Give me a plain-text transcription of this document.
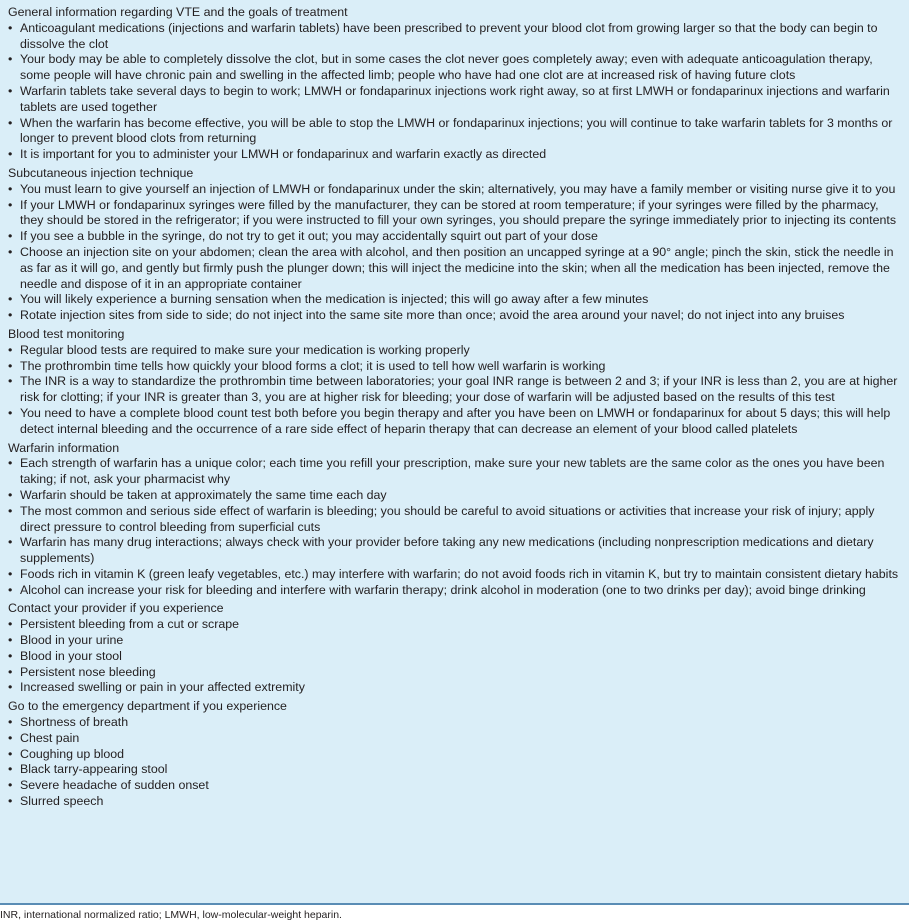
General information regarding VTE and the goals of treatment
• Anticoagulant medications (injections and warfarin tablets) have been prescribed to prevent your blood clot from growing larger so that the body can begin to dissolve the clot
• Your body may be able to completely dissolve the clot, but in some cases the clot never goes completely away; even with adequate anticoagulation therapy, some people will have chronic pain and swelling in the affected limb; people who have had one clot are at increased risk of having future clots
• Warfarin tablets take several days to begin to work; LMWH or fondaparinux injections work right away, so at first LMWH or fondaparinux injections and warfarin tablets are used together
• When the warfarin has become effective, you will be able to stop the LMWH or fondaparinux injections; you will continue to take warfarin tablets for 3 months or longer to prevent blood clots from returning
• It is important for you to administer your LMWH or fondaparinux and warfarin exactly as directed
Subcutaneous injection technique
• You must learn to give yourself an injection of LMWH or fondaparinux under the skin; alternatively, you may have a family member or visiting nurse give it to you
• If your LMWH or fondaparinux syringes were filled by the manufacturer, they can be stored at room temperature; if your syringes were filled by the pharmacy, they should be stored in the refrigerator; if you were instructed to fill your own syringes, you should prepare the syringe immediately prior to injecting its contents
• If you see a bubble in the syringe, do not try to get it out; you may accidentally squirt out part of your dose
• Choose an injection site on your abdomen; clean the area with alcohol, and then position an uncapped syringe at a 90° angle; pinch the skin, stick the needle in as far as it will go, and gently but firmly push the plunger down; this will inject the medicine into the skin; when all the medication has been injected, remove the needle and dispose of it in an appropriate container
• You will likely experience a burning sensation when the medication is injected; this will go away after a few minutes
• Rotate injection sites from side to side; do not inject into the same site more than once; avoid the area around your navel; do not inject into any bruises
Blood test monitoring
• Regular blood tests are required to make sure your medication is working properly
• The prothrombin time tells how quickly your blood forms a clot; it is used to tell how well warfarin is working
• The INR is a way to standardize the prothrombin time between laboratories; your goal INR range is between 2 and 3; if your INR is less than 2, you are at higher risk for clotting; if your INR is greater than 3, you are at higher risk for bleeding; your dose of warfarin will be adjusted based on the results of this test
• You need to have a complete blood count test both before you begin therapy and after you have been on LMWH or fondaparinux for about 5 days; this will help detect internal bleeding and the occurrence of a rare side effect of heparin therapy that can decrease an element of your blood called platelets
Warfarin information
• Each strength of warfarin has a unique color; each time you refill your prescription, make sure your new tablets are the same color as the ones you have been taking; if not, ask your pharmacist why
• Warfarin should be taken at approximately the same time each day
• The most common and serious side effect of warfarin is bleeding; you should be careful to avoid situations or activities that increase your risk of injury; apply direct pressure to control bleeding from superficial cuts
• Warfarin has many drug interactions; always check with your provider before taking any new medications (including nonprescription medications and dietary supplements)
• Foods rich in vitamin K (green leafy vegetables, etc.) may interfere with warfarin; do not avoid foods rich in vitamin K, but try to maintain consistent dietary habits
• Alcohol can increase your risk for bleeding and interfere with warfarin therapy; drink alcohol in moderation (one to two drinks per day); avoid binge drinking
Contact your provider if you experience
• Persistent bleeding from a cut or scrape
• Blood in your urine
• Blood in your stool
• Persistent nose bleeding
• Increased swelling or pain in your affected extremity
Go to the emergency department if you experience
• Shortness of breath
• Chest pain
• Coughing up blood
• Black tarry-appearing stool
• Severe headache of sudden onset
• Slurred speech
INR, international normalized ratio; LMWH, low-molecular-weight heparin.
